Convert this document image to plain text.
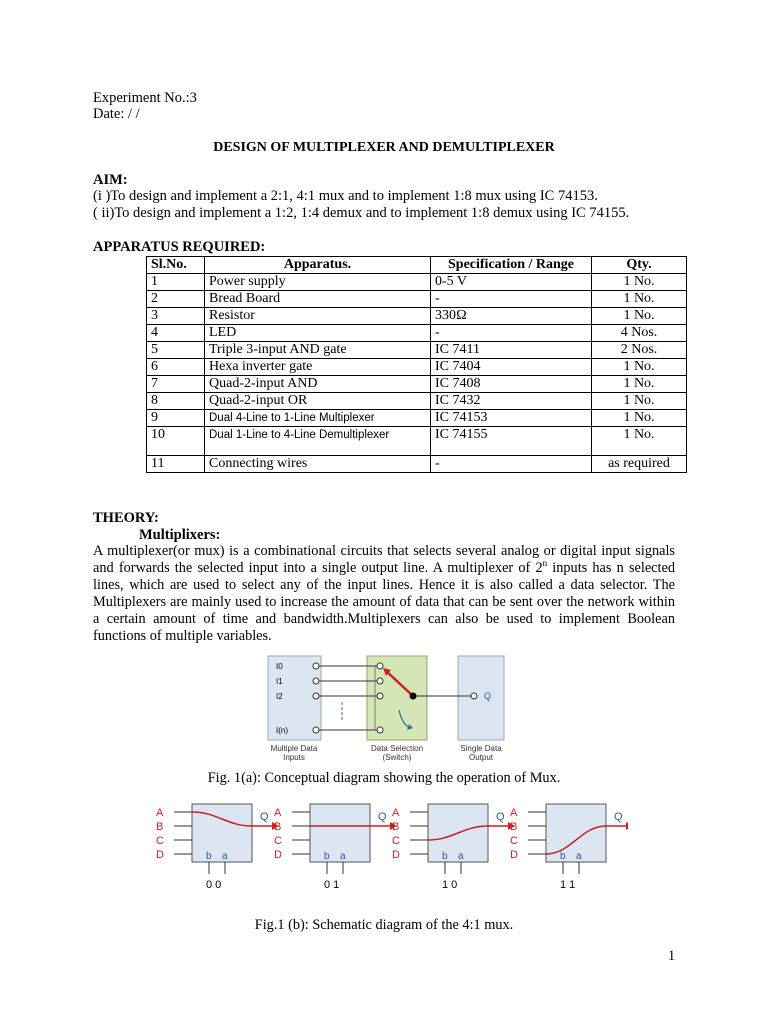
Experiment No.:3
Date: / /
DESIGN OF MULTIPLEXER AND DEMULTIPLEXER
AIM:
(i )To design and implement a 2:1, 4:1 mux and to implement 1:8 mux using IC 74153.
( ii)To design and implement a 1:2, 1:4 demux and to implement 1:8 demux using IC 74155.
APPARATUS REQUIRED:
Sl.No.	Apparatus.	Specification / Range	Qty.
1	Power supply	0-5 V	1 No.
2	Bread Board	-	1 No.
3	Resistor	330Ω	1 No.
4	LED	-	4 Nos.
5	Triple 3-input AND gate	IC 7411	2 Nos.
6	Hexa inverter gate	IC 7404	1 No.
7	Quad-2-input AND	IC 7408	1 No.
8	Quad-2-input OR	IC 7432	1 No.
9	Dual 4-Line to 1-Line Multiplexer	IC 74153	1 No.
10	Dual 1-Line to 4-Line Demultiplexer	IC 74155	1 No.
11	Connecting wires	-	as required
THEORY:
Multiplixers:
A multiplexer(or mux) is a combinational circuits that selects several analog or digital input signals and forwards the selected input into a single output line. A multiplexer of 2$^n$ inputs has n selected lines, which are used to select any of the input lines. Hence it is also called a data selector. The Multiplexers are mainly used to increase the amount of data that can be sent over the network within a certain amount of time and bandwidth.Multiplexers can also be used to implement Boolean functions of multiple variables.
I0
I1
I2
I(n)
Q
Multiple Data
Inputs
Data Selection
(Switch)
Single Data
Output
Fig. 1(a): Conceptual diagram showing the operation of Mux.
A
B
C
D
Q
b a
0 0
A
B
C
D
Q
b a
0 1
A
B
C
D
Q
b a
1 0
A
B
C
D
Q
b a
1 1
Fig.1 (b): Schematic diagram of the 4:1 mux.
1
